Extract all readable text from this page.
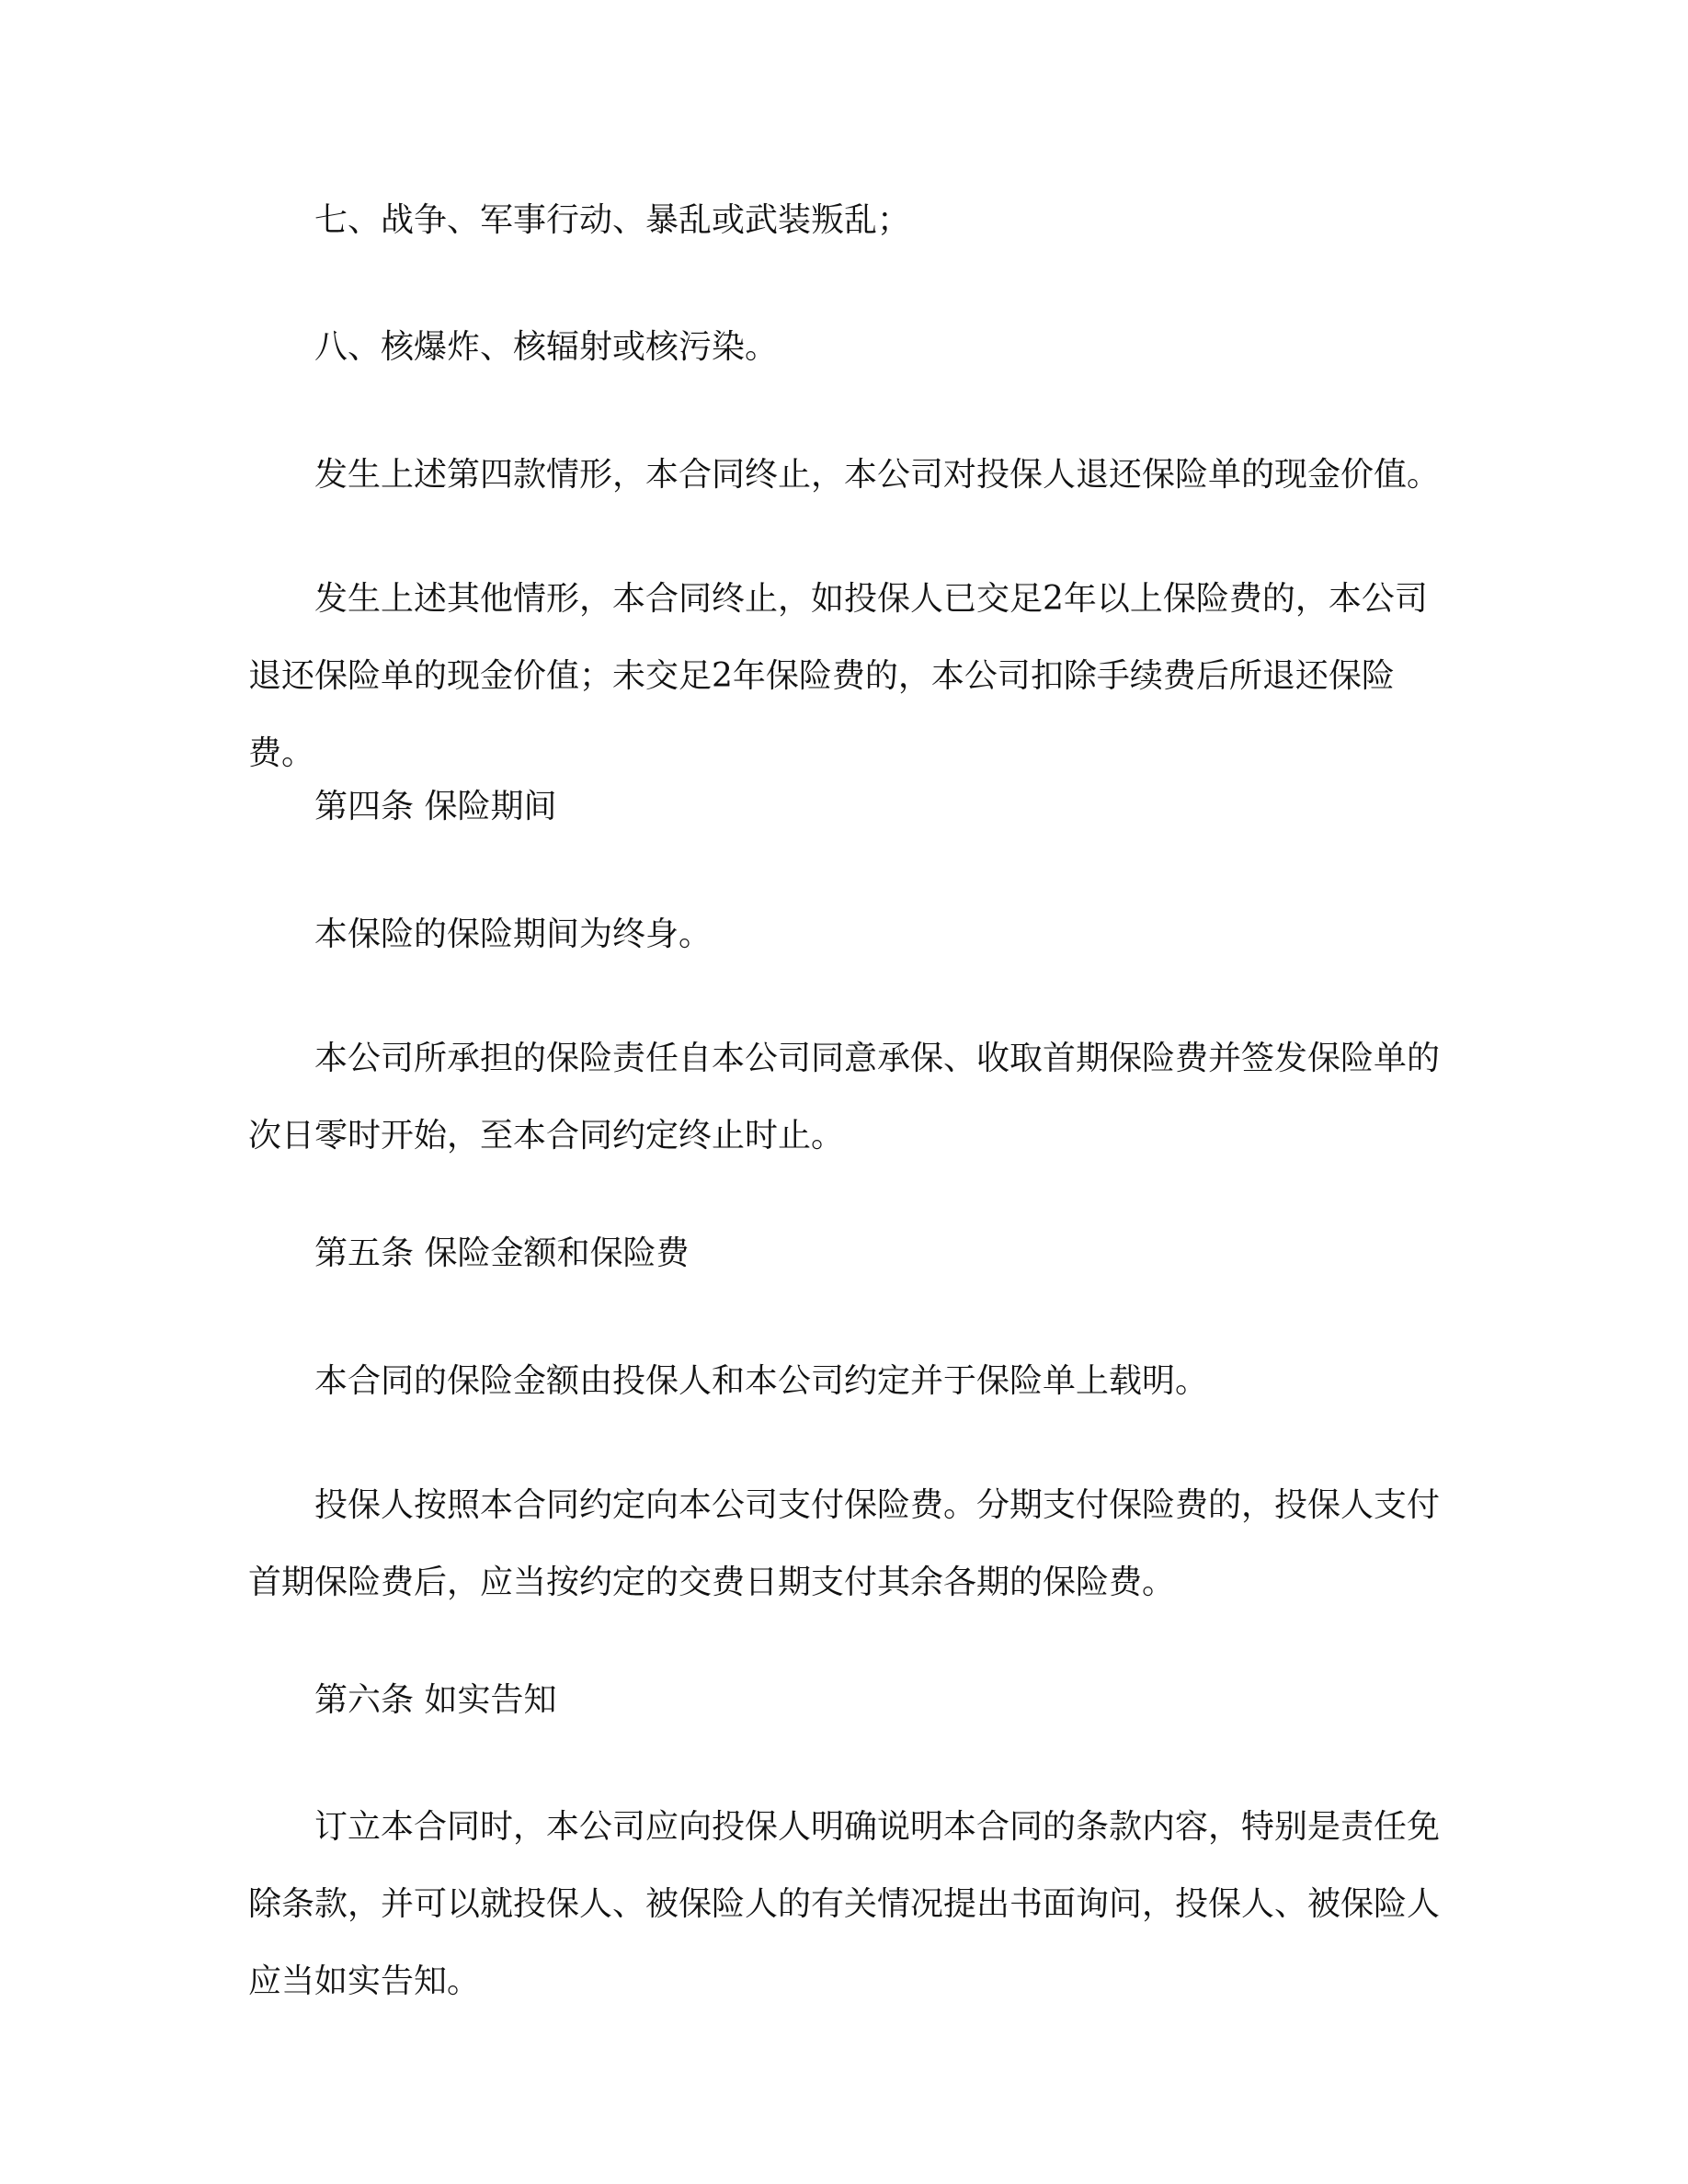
七、战争、军事行动、暴乱或武装叛乱；

八、核爆炸、核辐射或核污染。

发生上述第四款情形，本合同终止，本公司对投保人退还保险单的现金价值。

发生上述其他情形，本合同终止，如投保人已交足2年以上保险费的，本公司退还保险单的现金价值；未交足2年保险费的，本公司扣除手续费后所退还保险费。

第四条 保险期间

本保险的保险期间为终身。

本公司所承担的保险责任自本公司同意承保、收取首期保险费并签发保险单的次日零时开始，至本合同约定终止时止。

第五条 保险金额和保险费

本合同的保险金额由投保人和本公司约定并于保险单上载明。

投保人按照本合同约定向本公司支付保险费。分期支付保险费的，投保人支付首期保险费后，应当按约定的交费日期支付其余各期的保险费。

第六条 如实告知

订立本合同时，本公司应向投保人明确说明本合同的条款内容，特别是责任免除条款，并可以就投保人、被保险人的有关情况提出书面询问，投保人、被保险人应当如实告知。
